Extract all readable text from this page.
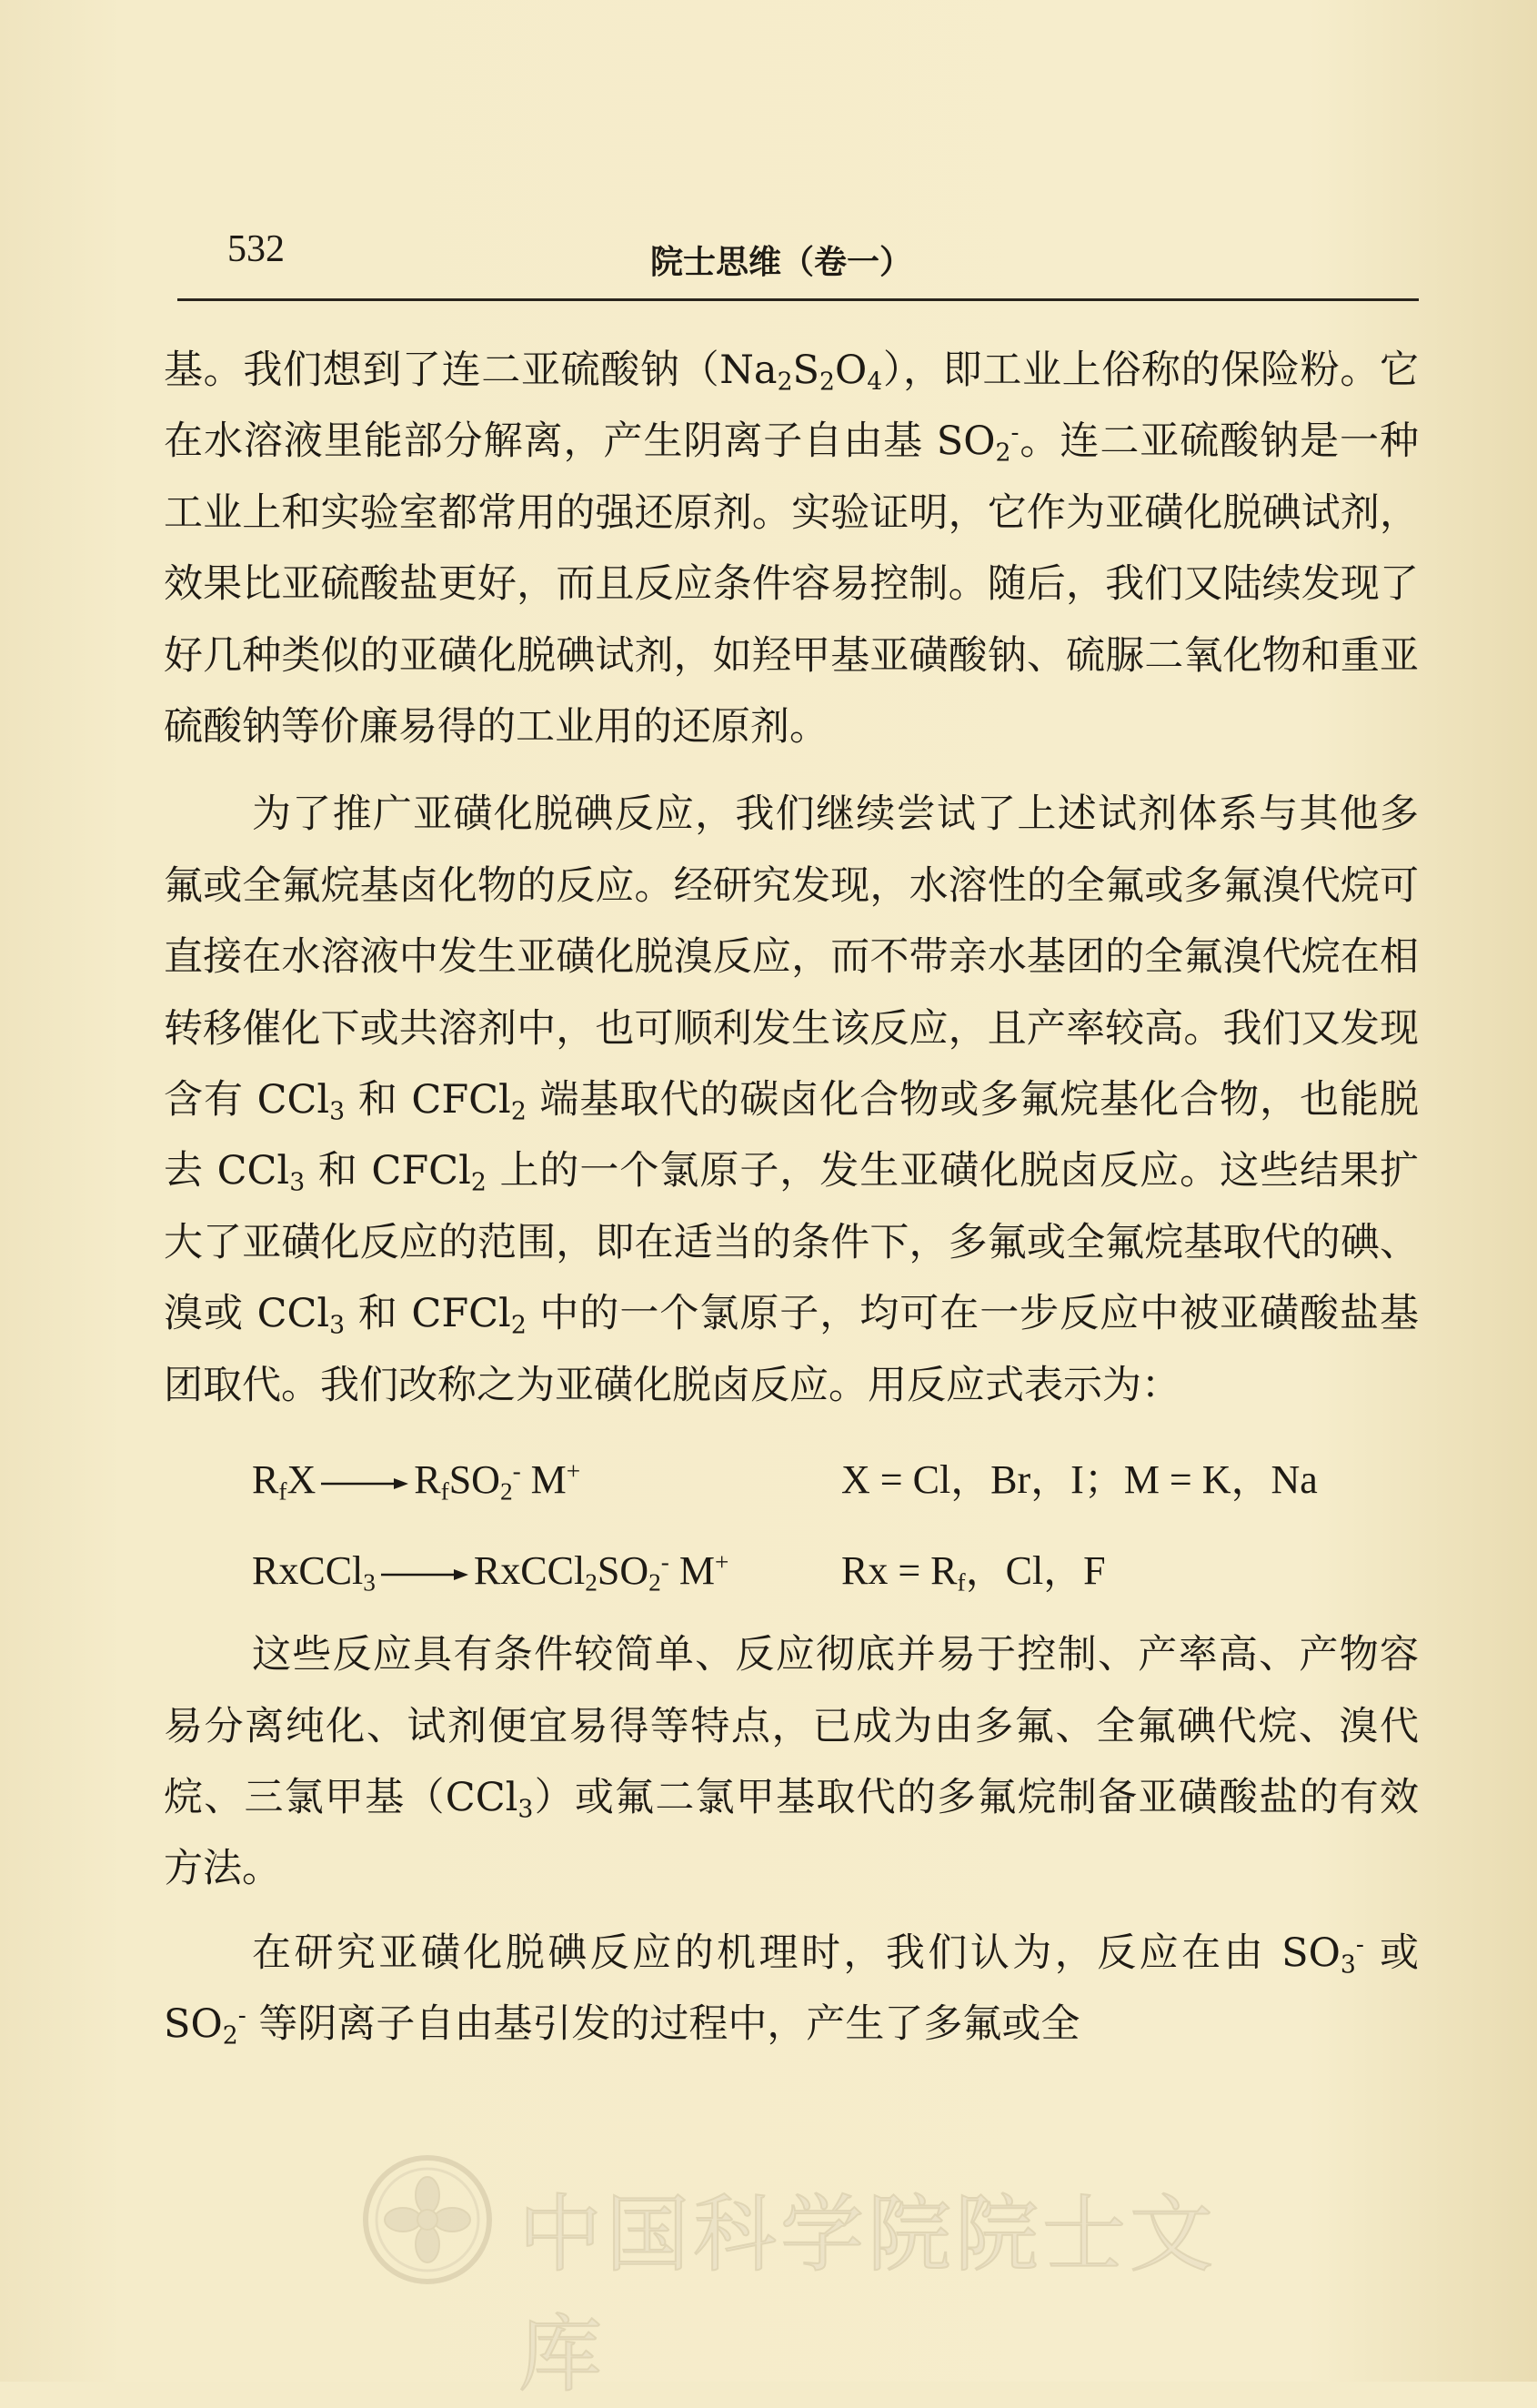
532	院士思维（卷一）

基。我们想到了连二亚硫酸钠$(Na_2S_2O_4)$，即工业上俗称的保险粉。它在水溶液里能部分解离，产生阴离子自由基 $SO_2^-$。连二亚硫酸钠是一种工业上和实验室都常用的强还原剂。实验证明，它作为亚磺化脱碘试剂，效果比亚硫酸盐更好，而且反应条件容易控制。随后，我们又陆续发现了好几种类似的亚磺化脱碘试剂，如羟甲基亚磺酸钠、硫脲二氧化物和重亚硫酸钠等价廉易得的工业用的还原剂。

为了推广亚磺化脱碘反应，我们继续尝试了上述试剂体系与其他多氟或全氟烷基卤化物的反应。经研究发现，水溶性的全氟或多氟溴代烷可直接在水溶液中发生亚磺化脱溴反应，而不带亲水基团的全氟溴代烷在相转移催化下或共溶剂中，也可顺利发生该反应，且产率较高。我们又发现含有 CCl$_3$ 和 CFCl$_2$ 端基取代的碳卤化合物或多氟烷基化合物，也能脱去 CCl$_3$ 和 CFCl$_2$ 上的一个氯原子，发生亚磺化脱卤反应。这些结果扩大了亚磺化反应的范围，即在适当的条件下，多氟或全氟烷基取代的碘、溴或 CCl$_3$ 和 CFCl$_2$ 中的一个氯原子，均可在一步反应中被亚磺酸盐基团取代。我们改称之为亚磺化脱卤反应。用反应式表示为：

$R_fX \to R_fSO_2^-$ M+	X = Cl，Br，I；M = K，Na
RxCCl$_3$ → $RxCCl_2SO_2^-$ M+	$Rx = R_f$，Cl，F

这些反应具有条件较简单、反应彻底并易于控制、产率高、产物容易分离纯化、试剂便宜易得等特点，已成为由多氟、全氟碘代烷、溴代烷、三氯甲基（CCl$_3$）或氟二氯甲基取代的多氟烷制备亚磺酸盐的有效方法。

在研究亚磺化脱碘反应的机理时，我们认为，反应在由 $SO_3^-$ 或 $SO_2^-$ 等阴离子自由基引发的过程中，产生了多氟或全

中国科学院院士文库
